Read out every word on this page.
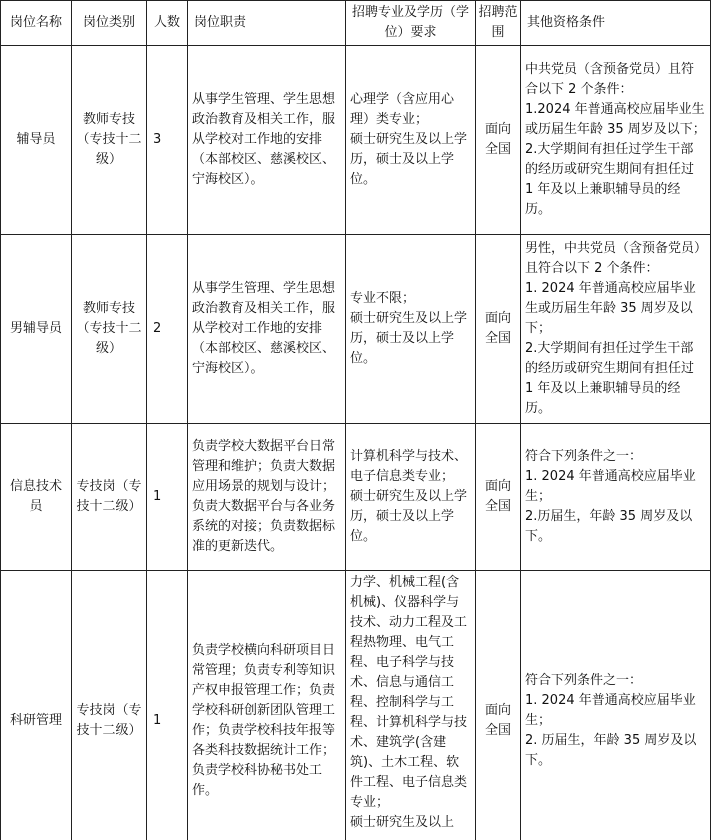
岗位名称	岗位类别	人数	岗位职责	招聘专业及学历（学位）要求	招聘范围	其他资格条件
辅导员	教师专技（专技十二级）	3	从事学生管理、学生思想政治教育及相关工作，服从学校对工作地的安排（本部校区、慈溪校区、宁海校区）。	心理学（含应用心理）类专业；
硕士研究生及以上学历，硕士及以上学位。	面向全国	中共党员（含预备党员）且符合以下 2 个条件：
1.2024 年普通高校应届毕业生或历届生年龄 35 周岁及以下；
2.大学期间有担任过学生干部的经历或研究生期间有担任过 1 年及以上兼职辅导员的经历。

男辅导员	教师专技（专技十二级）	2	从事学生管理、学生思想政治教育及相关工作，服从学校对工作地的安排（本部校区、慈溪校区、宁海校区）。	专业不限；
硕士研究生及以上学历，硕士及以上学位。	面向全国	男性，中共党员（含预备党员）且符合以下 2 个条件：
1. 2024 年普通高校应届毕业生或历届生年龄 35 周岁及以下；
2.大学期间有担任过学生干部的经历或研究生期间有担任过 1 年及以上兼职辅导员的经历。

信息技术员	专技岗（专技十二级）	1	负责学校大数据平台日常管理和维护；负责大数据应用场景的规划与设计；负责大数据平台与各业务系统的对接；负责数据标准的更新迭代。	计算机科学与技术、电子信息类专业；
硕士研究生及以上学历，硕士及以上学位。	面向全国	符合下列条件之一：
1. 2024 年普通高校应届毕业生；
2.历届生，年龄 35 周岁及以下。

科研管理	专技岗（专技十二级）	1	负责学校横向科研项目日常管理；负责专利等知识产权申报管理工作；负责学校科研创新团队管理工作；负责学校科技年报等各类科技数据统计工作；负责学校科协秘书处工作。	力学、机械工程(含机械)、仪器科学与技术、动力工程及工程热物理、电气工程、电子科学与技术、信息与通信工程、控制科学与工程、计算机科学与技术、建筑学(含建筑)、土木工程、软件工程、电子信息类专业；
硕士研究生及以上	面向全国	符合下列条件之一：
1. 2024 年普通高校应届毕业生；
2. 历届生，年龄 35 周岁及以下。
